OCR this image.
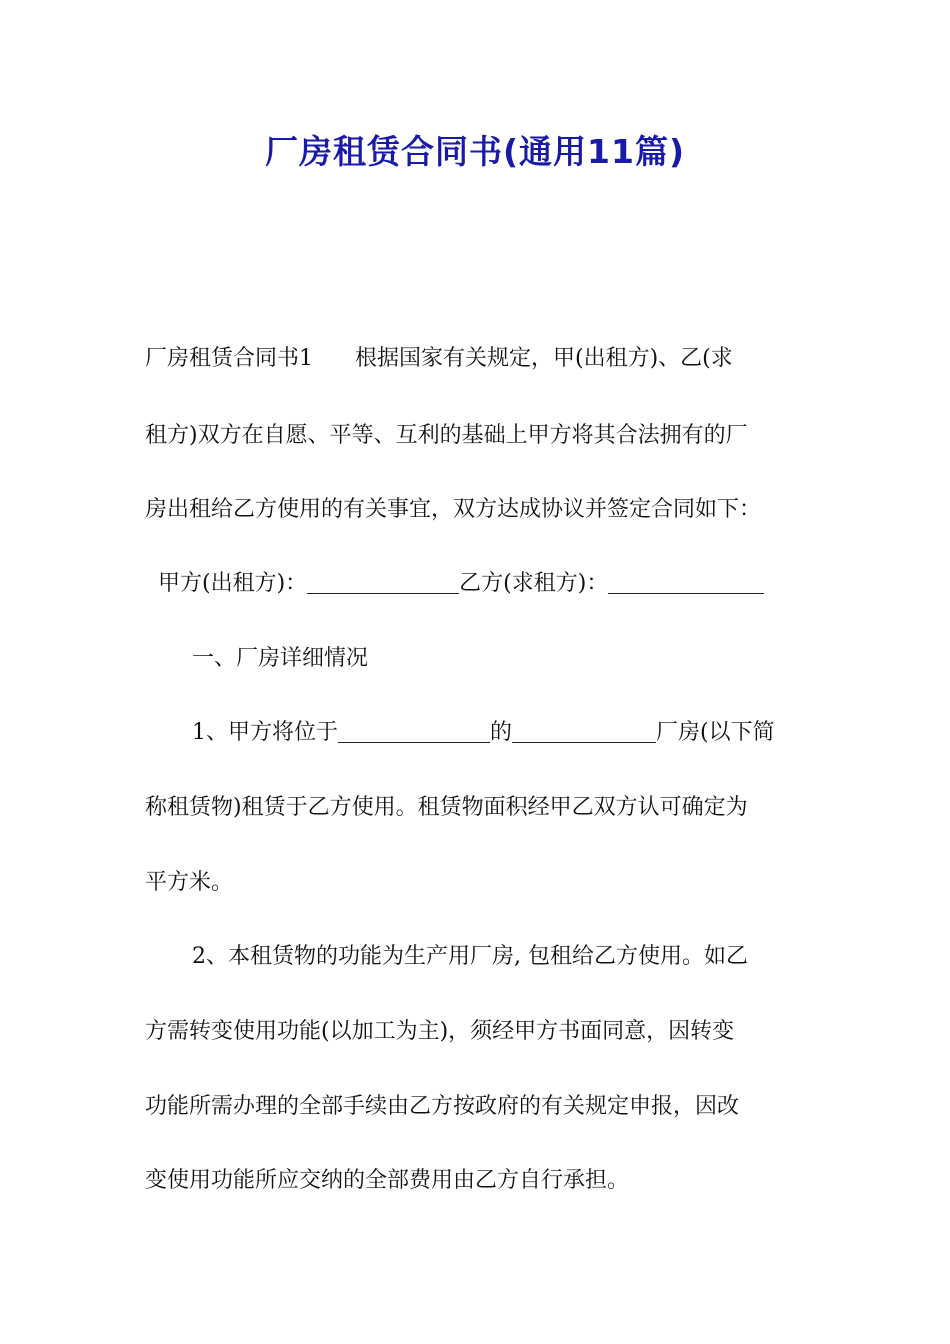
厂房租赁合同书(通用11篇)

厂房租赁合同书1 根据国家有关规定，甲(出租方)、乙(求

租方)双方在自愿、平等、互利的基础上甲方将其合法拥有的厂

房出租给乙方使用的有关事宜，双方达成协议并签定合同如下：

甲方(出租方)：	乙方(求租方)：

一、厂房详细情况

1、甲方将位于	的	厂房(以下简

称租赁物)租赁于乙方使用。租赁物面积经甲乙双方认可确定为

平方米。

2、本租赁物的功能为生产用厂房, 包租给乙方使用。如乙

方需转变使用功能(以加工为主)，须经甲方书面同意，因转变

功能所需办理的全部手续由乙方按政府的有关规定申报，因改

变使用功能所应交纳的全部费用由乙方自行承担。
